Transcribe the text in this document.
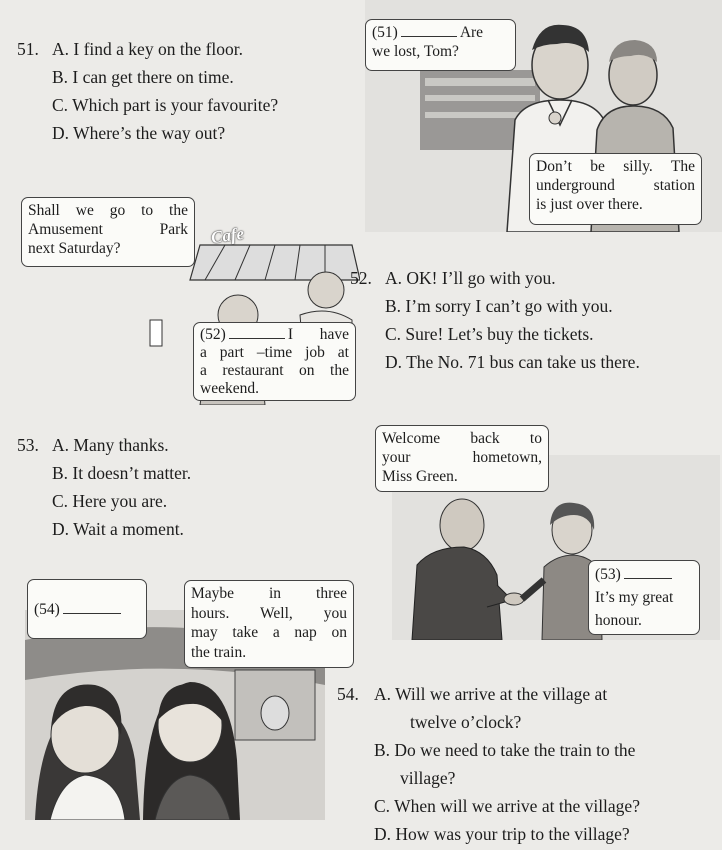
51. A. I find a key on the floor.
B. I can get there on time.
C. Which part is your favourite?
D. Where’s the way out?
(51)	Are
we lost, Tom?
Don’t be silly. The
underground station
is just over there.
Cafe
Shall we go to the
Amusement Park
next Saturday?
(52)	I have
a part –time job at
a restaurant on the
weekend.
52. A. OK! I’ll go with you.
B. I’m sorry I can’t go with you.
C. Sure! Let’s buy the tickets.
D. The No. 71 bus can take us there.
53. A. Many thanks.
B. It doesn’t matter.
C. Here you are.
D. Wait a moment.
Welcome back to
your hometown,
Miss Green.
(53)
It’s my great
honour.
(54)
Maybe in three
hours. Well, you
may take a nap on
the train.
54. A. Will we arrive at the village at
twelve o’clock?
B. Do we need to take the train to the
village?
C. When will we arrive at the village?
D. How was your trip to the village?
